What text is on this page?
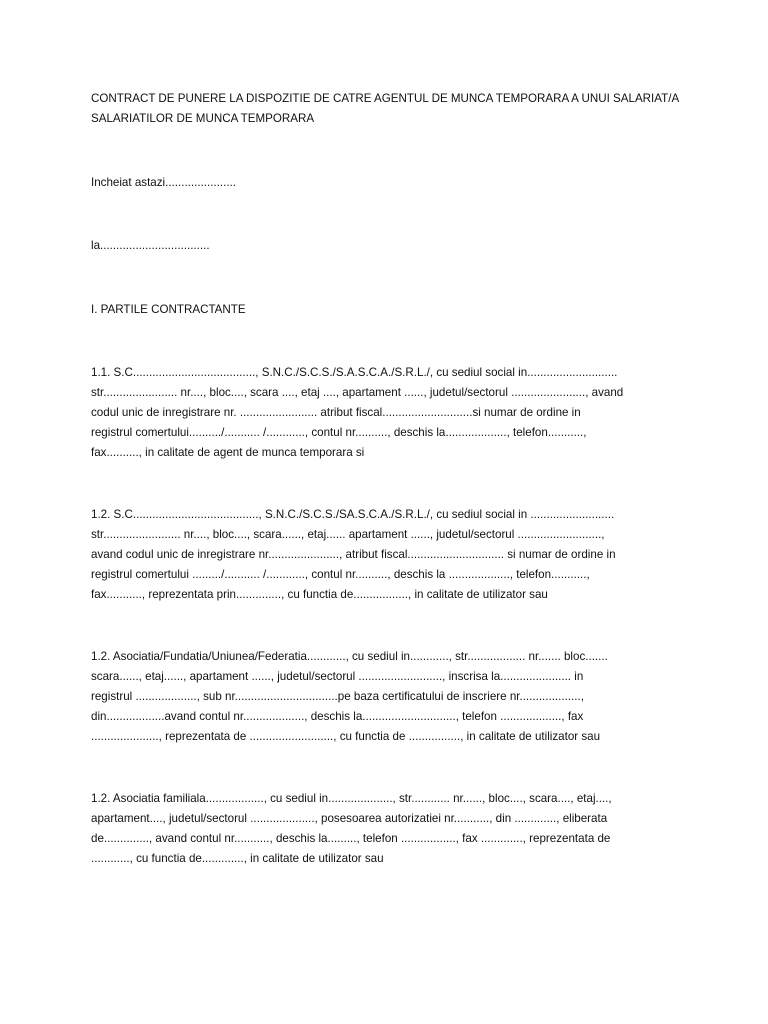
CONTRACT DE PUNERE LA DISPOZITIE DE CATRE AGENTUL DE MUNCA TEMPORARA A UNUI SALARIAT/A
SALARIATILOR DE MUNCA TEMPORARA
Incheiat astazi......................
la..................................
I. PARTILE CONTRACTANTE
1.1. S.C......................................, S.N.C./S.C.S./S.A.S.C.A./S.R.L./, cu sediul social in............................
str....................... nr...., bloc...., scara ...., etaj ...., apartament ......, judetul/sectorul ......................., avand
codul unic de inregistrare nr. ........................ atribut fiscal............................si numar de ordine in
registrul comertului........../........... /............, contul nr.........., deschis la..................., telefon...........,
fax.........., in calitate de agent de munca temporara si
1.2. S.C......................................., S.N.C./S.C.S./SA.S.C.A./S.R.L./, cu sediul social in ..........................
str........................ nr...., bloc...., scara......, etaj...... apartament ......, judetul/sectorul ..........................,
avand codul unic de inregistrare nr......................, atribut fiscal.............................. si numar de ordine in
registrul comertului ........./........... /............, contul nr.........., deschis la ..................., telefon...........,
fax..........., reprezentata prin.............., cu functia de................., in calitate de utilizator sau
1.2. Asociatia/Fundatia/Uniunea/Federatia............, cu sediul in............, str.................. nr....... bloc.......
scara......, etaj......, apartament ......, judetul/sectorul .........................., inscrisa la...................... in
registrul ..................., sub nr................................pe baza certificatului de inscriere nr...................,
din..................avand contul nr..................., deschis la............................., telefon ..................., fax
....................., reprezentata de .........................., cu functia de ................, in calitate de utilizator sau
1.2. Asociatia familiala.................., cu sediul in...................., str............ nr......, bloc...., scara...., etaj....,
apartament...., judetul/sectorul ...................., posesoarea autorizatiei nr..........., din ............., eliberata
de.............., avand contul nr..........., deschis la........., telefon ................., fax ............., reprezentata de
............, cu functia de............., in calitate de utilizator sau
